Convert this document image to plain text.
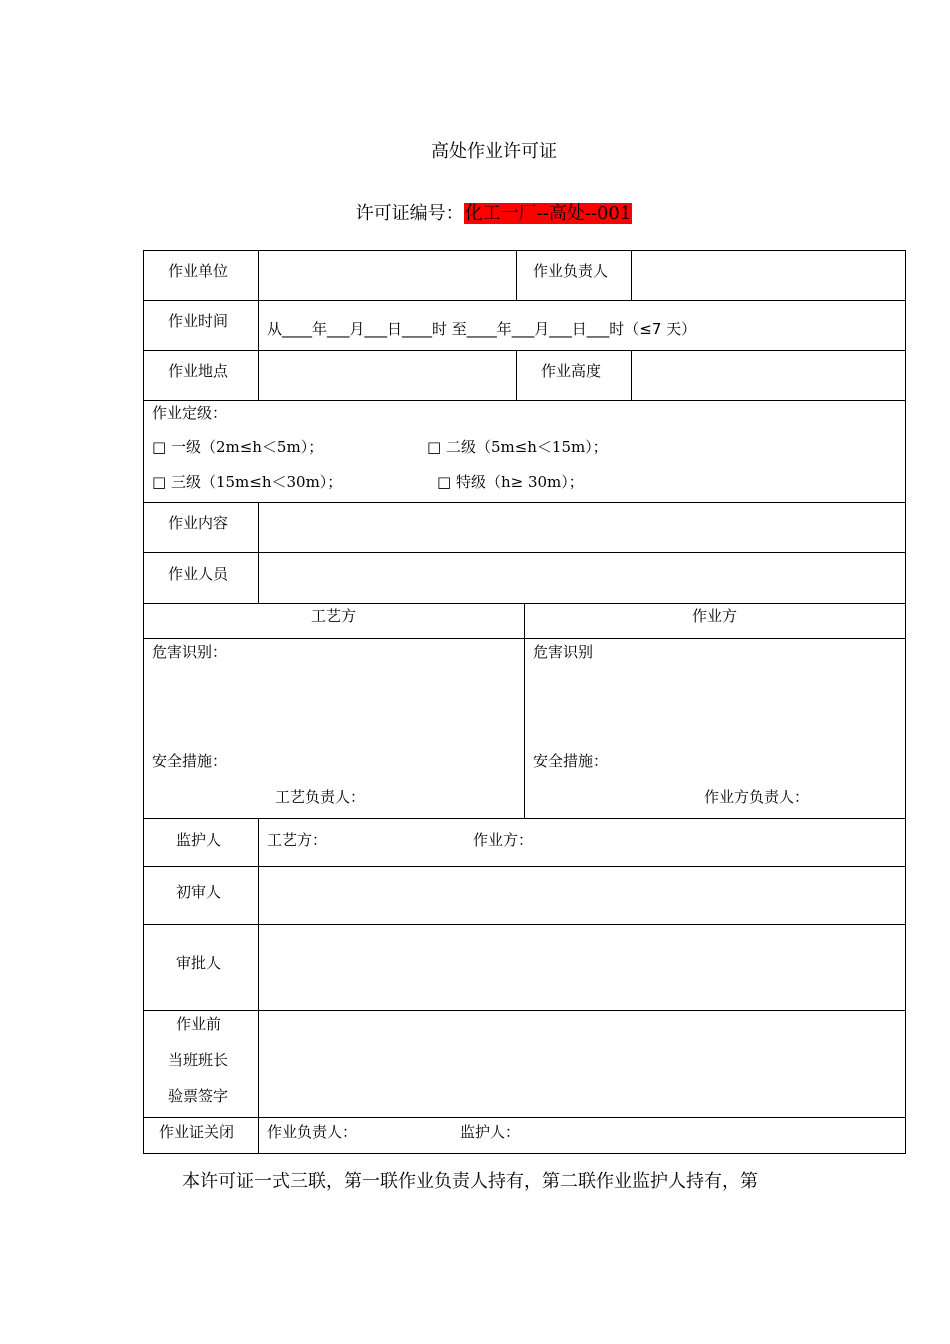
高处作业许可证
许可证编号：化工一厂--高处--001
作业单位	作业负责人
作业时间	从____年___月___日____时 至____年___月___日___时（≤7 天）
作业地点	作业高度
作业定级：
□ 一级（2m≤h＜5m）；	□ 二级（5m≤h＜15m）；
□ 三级（15m≤h＜30m）；	□ 特级（h≥ 30m）；
作业内容
作业人员
工艺方	作业方
危害识别：	危害识别
安全措施：	安全措施：
工艺负责人：	作业方负责人：
监护人	工艺方：	作业方：
初审人
审批人
作业前
当班班长
验票签字
作业证关闭 作业负责人：	监护人：
本许可证一式三联，第一联作业负责人持有，第二联作业监护人持有，第
